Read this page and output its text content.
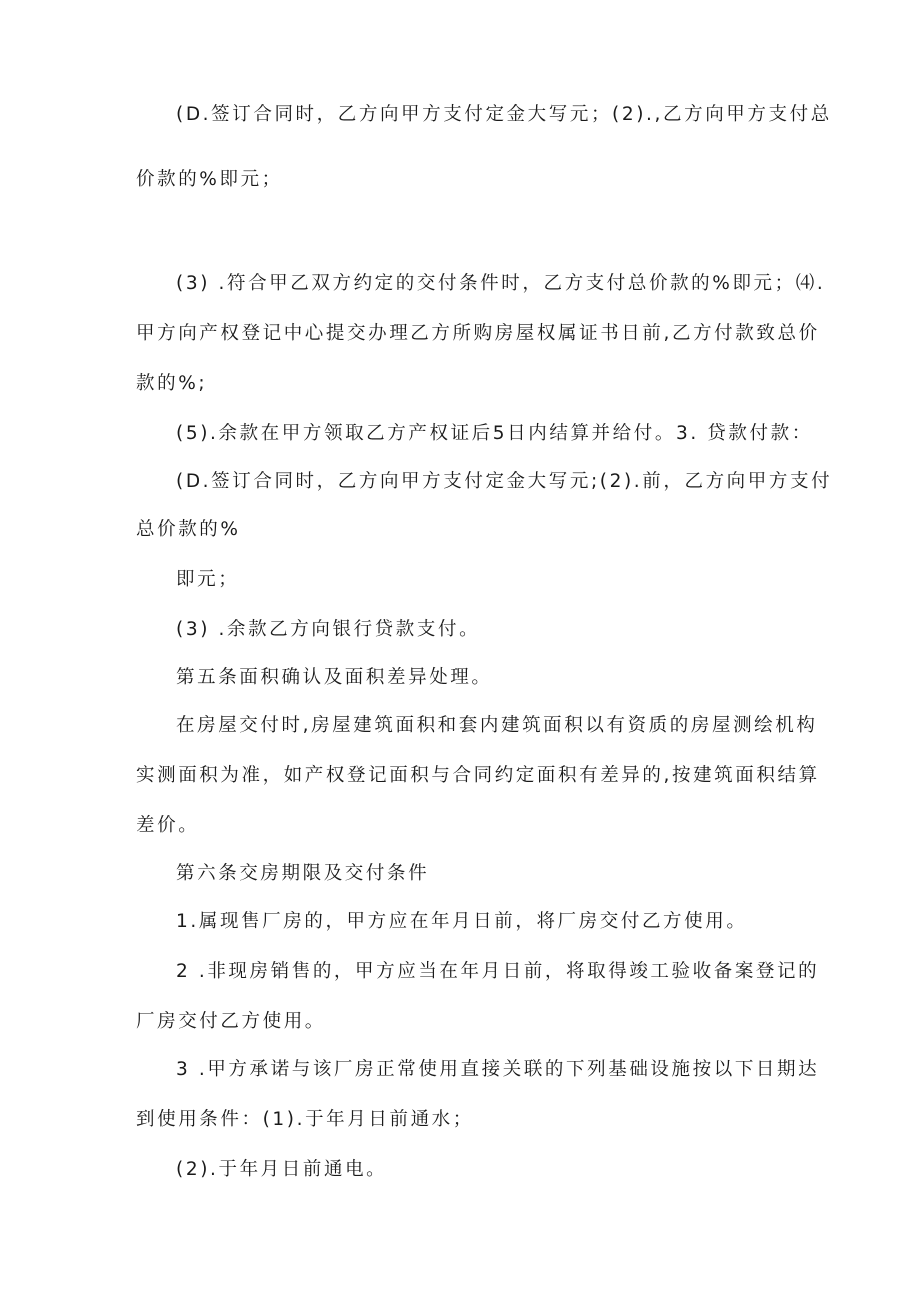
(D.签订合同时，乙方向甲方支付定金大写元；(2).,乙方向甲方支付总
价款的%即元；
(3) .符合甲乙双方约定的交付条件时，乙方支付总价款的%即元；⑷.
甲方向产权登记中心提交办理乙方所购房屋权属证书日前,乙方付款致总价
款的%;
(5).余款在甲方领取乙方产权证后5日内结算并给付。3. 贷款付款：
(D.签订合同时，乙方向甲方支付定金大写元;(2).前，乙方向甲方支付
总价款的%
即元；
(3) .余款乙方向银行贷款支付。
第五条面积确认及面积差异处理。
在房屋交付时,房屋建筑面积和套内建筑面积以有资质的房屋测绘机构
实测面积为准，如产权登记面积与合同约定面积有差异的,按建筑面积结算
差价。
第六条交房期限及交付条件
1.属现售厂房的，甲方应在年月日前，将厂房交付乙方使用。
2 .非现房销售的，甲方应当在年月日前，将取得竣工验收备案登记的
厂房交付乙方使用。
3 .甲方承诺与该厂房正常使用直接关联的下列基础设施按以下日期达
到使用条件：(1).于年月日前通水；
(2).于年月日前通电。
